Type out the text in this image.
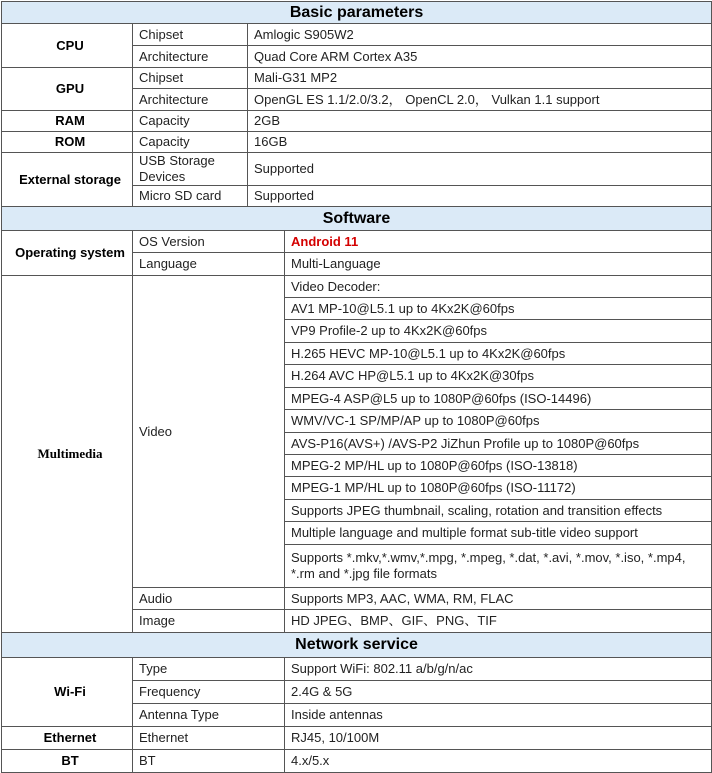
Basic parameters			
CPU	Chipset	Amlogic S905W2	
	Architecture	Quad Core ARM Cortex A35	
GPU	Chipset	Mali-G31 MP2	
	Architecture	OpenGL ES 1.1/2.0/3.2， OpenCL 2.0， Vulkan 1.1 support	
RAM	Capacity	2GB	
ROM	Capacity	16GB	
External storage	USB Storage Devices	Supported	
	Micro SD card	Supported	
Software			
Operating system	OS Version		Android 11
	Language		Multi-Language
Multimedia	Video		Video Decoder:
			AV1 MP-10@L5.1 up to 4Kx2K@60fps
			VP9 Profile-2 up to 4Kx2K@60fps
			H.265 HEVC MP-10@L5.1 up to 4Kx2K@60fps
			H.264 AVC HP@L5.1 up to 4Kx2K@30fps
			MPEG-4 ASP@L5 up to 1080P@60fps (ISO-14496)
			WMV/VC-1 SP/MP/AP up to 1080P@60fps
			AVS-P16(AVS+) /AVS-P2 JiZhun Profile up to 1080P@60fps
			MPEG-2 MP/HL up to 1080P@60fps (ISO-13818)
			MPEG-1 MP/HL up to 1080P@60fps (ISO-11172)
			Supports JPEG thumbnail, scaling, rotation and transition effects
			Multiple language and multiple format sub-title video support
			Supports *.mkv,*.wmv,*.mpg, *.mpeg, *.dat, *.avi, *.mov, *.iso, *.mp4, *.rm and *.jpg file formats
	Audio		Supports MP3, AAC, WMA, RM, FLAC
	Image		HD JPEG、BMP、GIF、PNG、TIF
Network service			
Wi-Fi	Type		Support WiFi: 802.11 a/b/g/n/ac
	Frequency		2.4G & 5G
	Antenna Type		Inside antennas
Ethernet	Ethernet		RJ45, 10/100M
BT	BT		4.x/5.x
